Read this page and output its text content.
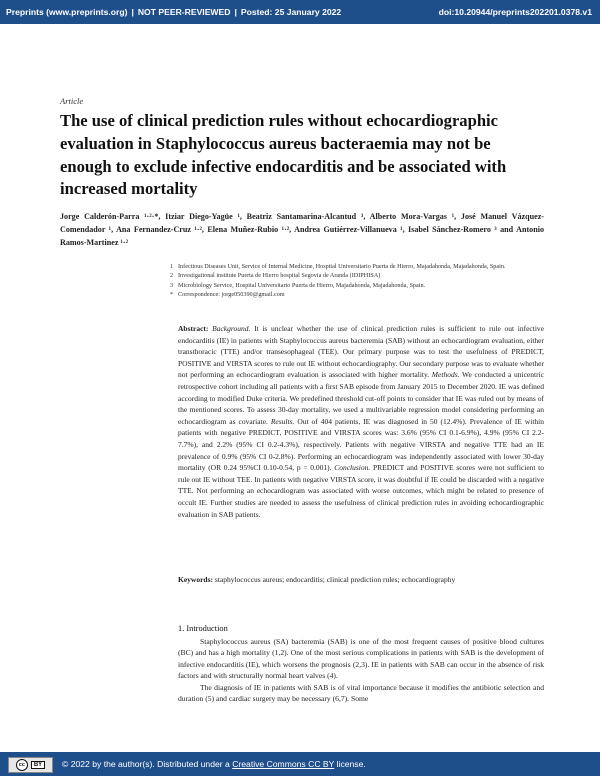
Preprints (www.preprints.org) | NOT PEER-REVIEWED | Posted: 25 January 2022	doi:10.20944/preprints202201.0378.v1

Article

The use of clinical prediction rules without echocardiographic evaluation in Staphylococcus aureus bacteraemia may not be enough to exclude infective endocarditis and be associated with increased mortality
Jorge Calderón-Parra ¹·²·*, Itziar Diego-Yagüe ¹, Beatriz Santamarina-Alcantud ³, Alberto Mora-Vargas ¹, José Manuel Vázquez-Comendador ¹, Ana Fernandez-Cruz ¹·², Elena Muñez-Rubio ¹·², Andrea Gutiérrez-Villanueva ¹, Isabel Sánchez-Romero ³ and Antonio Ramos-Martinez ¹·²
1 Infectious Diseases Unit, Service of Internal Medicine, Hospital Universitario Puerta de Hierro, Majadahonda, Majadahonda, Spain.
2 Investigational institute Puerta de Hierro hospital Segovia de Aranda (IDIPHISA)
3 Microbiology Service, Hospital Universitario Puerta de Hierro, Majadahonda, Majadahonda, Spain.
* Correspondence: jorge050390@gmail.com
Abstract: Background. It is unclear whether the use of clinical prediction rules is sufficient to rule out infective endocarditis (IE) in patients with Staphylococcus aureus bacteremia (SAB) without an echocardiogram evaluation, either transthoracic (TTE) and/or transesophageal (TEE). Our primary purpose was to test the usefulness of PREDICT, POSITIVE and VIRSTA scores to rule out IE without echocardiography. Our secondary purpose was to evaluate whether not performing an echocardiogram evaluation is associated with higher mortality. Methods. We conducted a unicentric retrospective cohort including all patients with a first SAB episode from January 2015 to December 2020. IE was defined according to modified Duke criteria. We predefined threshold cut-off points to consider that IE was ruled out by means of the mentioned scores. To assess 30-day mortality, we used a multivariable regression model considering performing an echocardiogram as covariate. Results. Out of 404 patients, IE was diagnosed in 50 (12.4%). Prevalence of IE within patients with negative PREDICT, POSITIVE and VIRSTA scores was: 3.6% (95% CI 0.1-6.9%), 4.9% (95% CI 2.2-7.7%), and 2.2% (95% CI 0.2-4.3%), respectively. Patients with negative VIRSTA and negative TTE had an IE prevalence of 0.9% (95% CI 0-2.8%). Performing an echocardiogram was independently associated with lower 30-day mortality (OR 0.24 95%CI 0.10-0.54, p = 0.001). Conclusion. PREDICT and POSITIVE scores were not sufficient to rule out IE without TEE. In patients with negative VIRSTA score, it was doubtful if IE could be discarded with a negative TTE. Not performing an echocardiogram was associated with worse outcomes, which might be related to presence of occult IE. Further studies are needed to assess the usefulness of clinical prediction rules in avoiding echocardiographic evaluation in SAB patients.
Keywords: staphylococcus aureus; endocarditis; clinical prediction rules; echocardiography
1. Introduction

Staphylococcus aureus (SA) bacteremia (SAB) is one of the most frequent causes of positive blood cultures (BC) and has a high mortality (1,2). One of the most serious complications in patients with SAB is the development of infective endocarditis (IE), which worsens the prognosis (2,3). IE in patients with SAB can occur in the absence of risk factors and with structurally normal heart valves (4).

The diagnosis of IE in patients with SAB is of vital importance because it modifies the antibiotic selection and duration (5) and cardiac surgery may be necessary (6,7). Some

cc	BY	© 2022 by the author(s). Distributed under a Creative Commons CC BY license.
